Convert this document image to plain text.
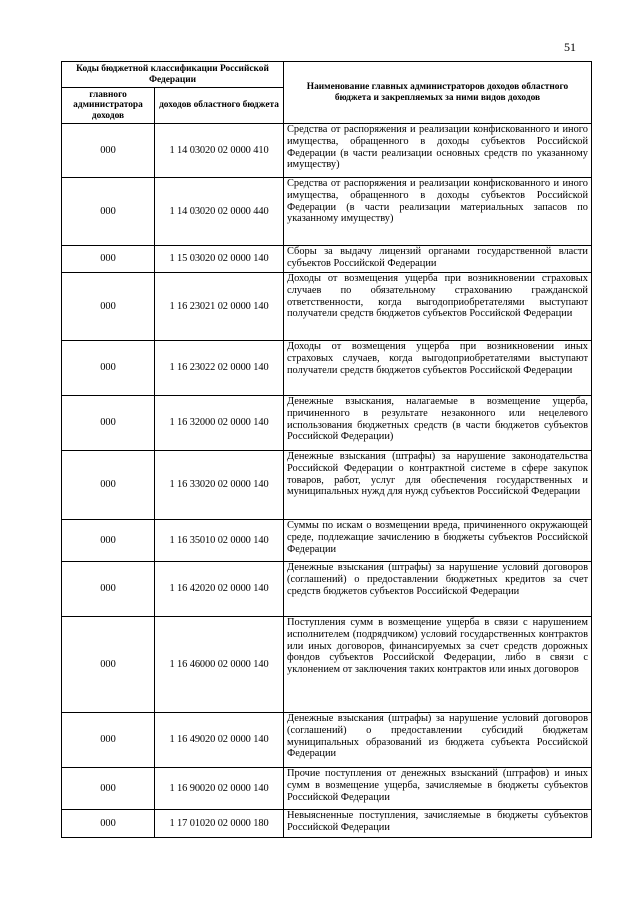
51
Коды бюджетной классификации Российской Федерации		Наименование главных администраторов доходов областного бюджета и закрепляемых за ними видов доходов
главного администратора доходов	доходов областного бюджета	
000	1 14 03020 02 0000 410	Средства от распоряжения и реализации конфискованного и иного имущества, обращенного в доходы субъектов Российской Федерации (в части реализации основных средств по указанному имуществу)
000	1 14 03020 02 0000 440	Средства от распоряжения и реализации конфискованного и иного имущества, обращенного в доходы субъектов Российской Федерации (в части реализации материальных запасов по указанному имуществу)
000	1 15 03020 02 0000 140	Сборы за выдачу лицензий органами государственной власти субъектов Российской Федерации
000	1 16 23021 02 0000 140	Доходы от возмещения ущерба при возникновении страховых случаев по обязательному страхованию гражданской ответственности, когда выгодоприобретателями выступают получатели средств бюджетов субъектов Российской Федерации
000	1 16 23022 02 0000 140	Доходы от возмещения ущерба при возникновении иных страховых случаев, когда выгодоприобретателями выступают получатели средств бюджетов субъектов Российской Федерации
000	1 16 32000 02 0000 140	Денежные взыскания, налагаемые в возмещение ущерба, причиненного в результате незаконного или нецелевого использования бюджетных средств (в части бюджетов субъектов Российской Федерации)
000	1 16 33020 02 0000 140	Денежные взыскания (штрафы) за нарушение законодательства Российской Федерации о контрактной системе в сфере закупок товаров, работ, услуг для обеспечения государственных и муниципальных нужд для нужд субъектов Российской Федерации
000	1 16 35010 02 0000 140	Суммы по искам о возмещении вреда, причиненного окружающей среде, подлежащие зачислению в бюджеты субъектов Российской Федерации
000	1 16 42020 02 0000 140	Денежные взыскания (штрафы) за нарушение условий договоров (соглашений) о предоставлении бюджетных кредитов за счет средств бюджетов субъектов Российской Федерации
000	1 16 46000 02 0000 140	Поступления сумм в возмещение ущерба в связи с нарушением исполнителем (подрядчиком) условий государственных контрактов или иных договоров, финансируемых за счет средств дорожных фондов субъектов Российской Федерации, либо в связи с уклонением от заключения таких контрактов или иных договоров
000	1 16 49020 02 0000 140	Денежные взыскания (штрафы) за нарушение условий договоров (соглашений) о предоставлении субсидий бюджетам муниципальных образований из бюджета субъекта Российской Федерации
000	1 16 90020 02 0000 140	Прочие поступления от денежных взысканий (штрафов) и иных сумм в возмещение ущерба, зачисляемые в бюджеты субъектов Российской Федерации
000	1 17 01020 02 0000 180	Невыясненные поступления, зачисляемые в бюджеты субъектов Российской Федерации
